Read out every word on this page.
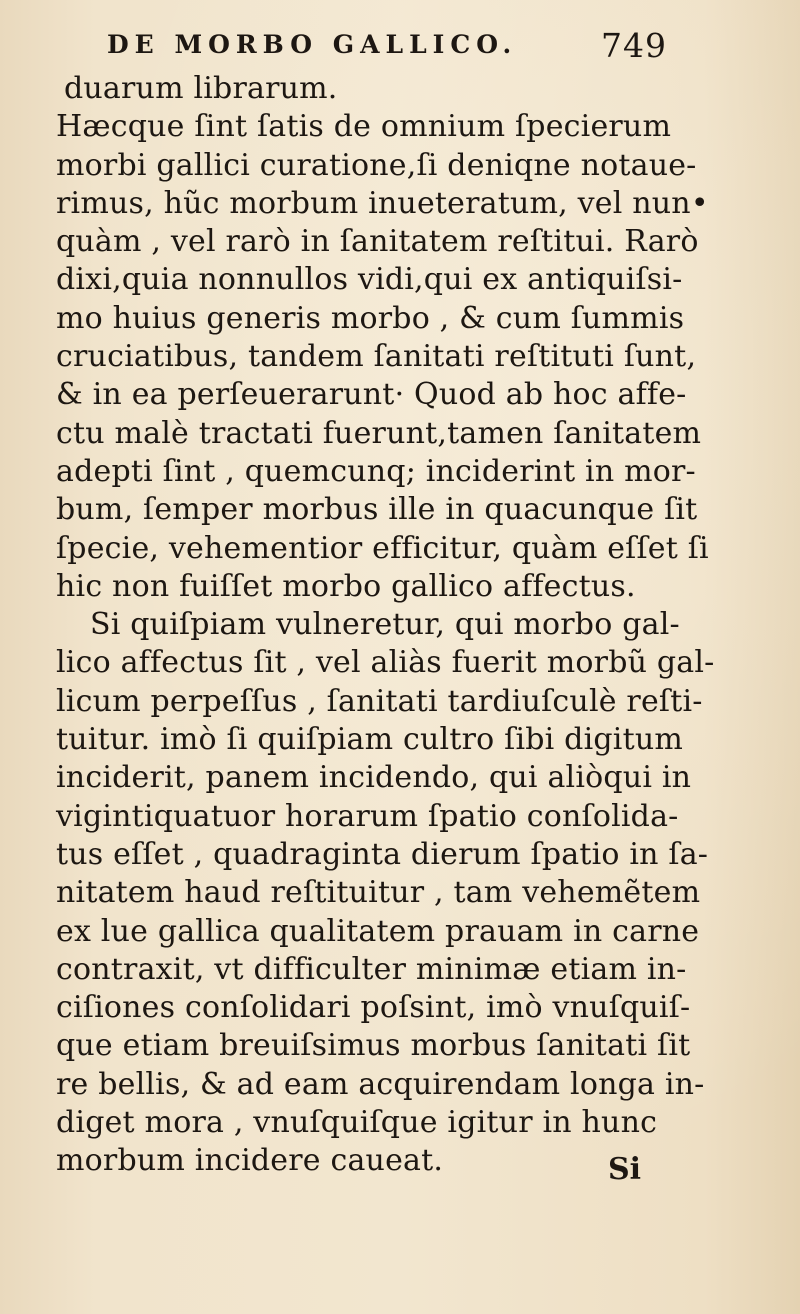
DE MORBO GALLICO.	749
duarum librarum.
Hæcque ſint ſatis de omnium ſpecierum
morbi gallici curatione,ſi deniqne notaue-
rimus, hũc morbum inueteratum, vel nun•
quàm , vel rarò in ſanitatem reſtitui. Rarò
dixi,quia nonnullos vidi,qui ex antiquiſsi-
mo huius generis morbo , & cum ſummis
cruciatibus, tandem ſanitati reſtituti ſunt,
& in ea perſeuerarunt· Quod ab hoc affe-
ctu malè tractati fuerunt,tamen ſanitatem
adepti ſint , quemcunq; inciderint in mor-
bum, ſemper morbus ille in quacunque ſit
ſpecie, vehementior efficitur, quàm eſſet ſi
hic non fuiſſet morbo gallico affectus.
Si quiſpiam vulneretur, qui morbo gal-
lico affectus ſit , vel aliàs fuerit morbũ gal-
licum perpeſſus , ſanitati tardiuſculè reſti-
tuitur. imò ſi quiſpiam cultro ſibi digitum
inciderit, panem incidendo, qui aliòqui in
vigintiquatuor horarum ſpatio conſolida-
tus eſſet , quadraginta dierum ſpatio in ſa-
nitatem haud reſtituitur , tam vehemẽtem
ex lue gallica qualitatem prauam in carne
contraxit, vt difficulter minimæ etiam in-
ciſiones conſolidari poſsint, imò vnuſquiſ-
que etiam breuiſsimus morbus ſanitati ſit
re bellis, & ad eam acquirendam longa in-
diget mora , vnuſquiſque igitur in hunc
morbum incidere caueat.	Si
